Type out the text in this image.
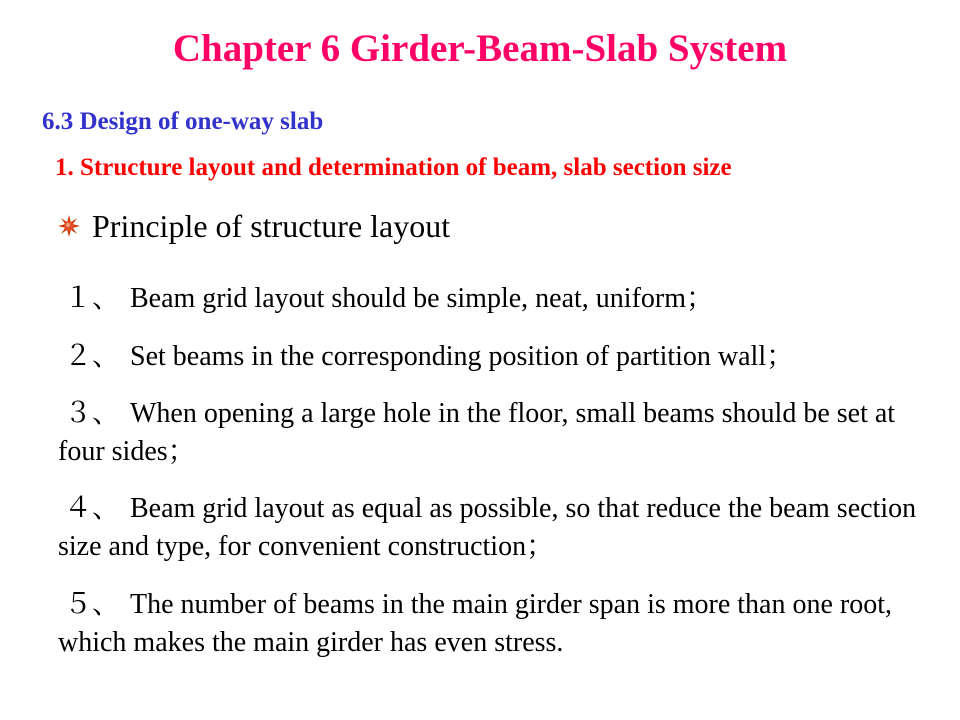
Chapter 6 Girder-Beam-Slab System
6.3 Design of one-way slab
1. Structure layout and determination of beam, slab section size
Principle of structure layout
１、 Beam grid layout should be simple, neat, uniform；
２、 Set beams in the corresponding position of partition wall；
３、 When opening a large hole in the floor, small beams should be set at four sides；
４、 Beam grid layout as equal as possible, so that reduce the beam section size and type, for convenient construction；
５、 The number of beams in the main girder span is more than one root, which makes the main girder has even stress.
